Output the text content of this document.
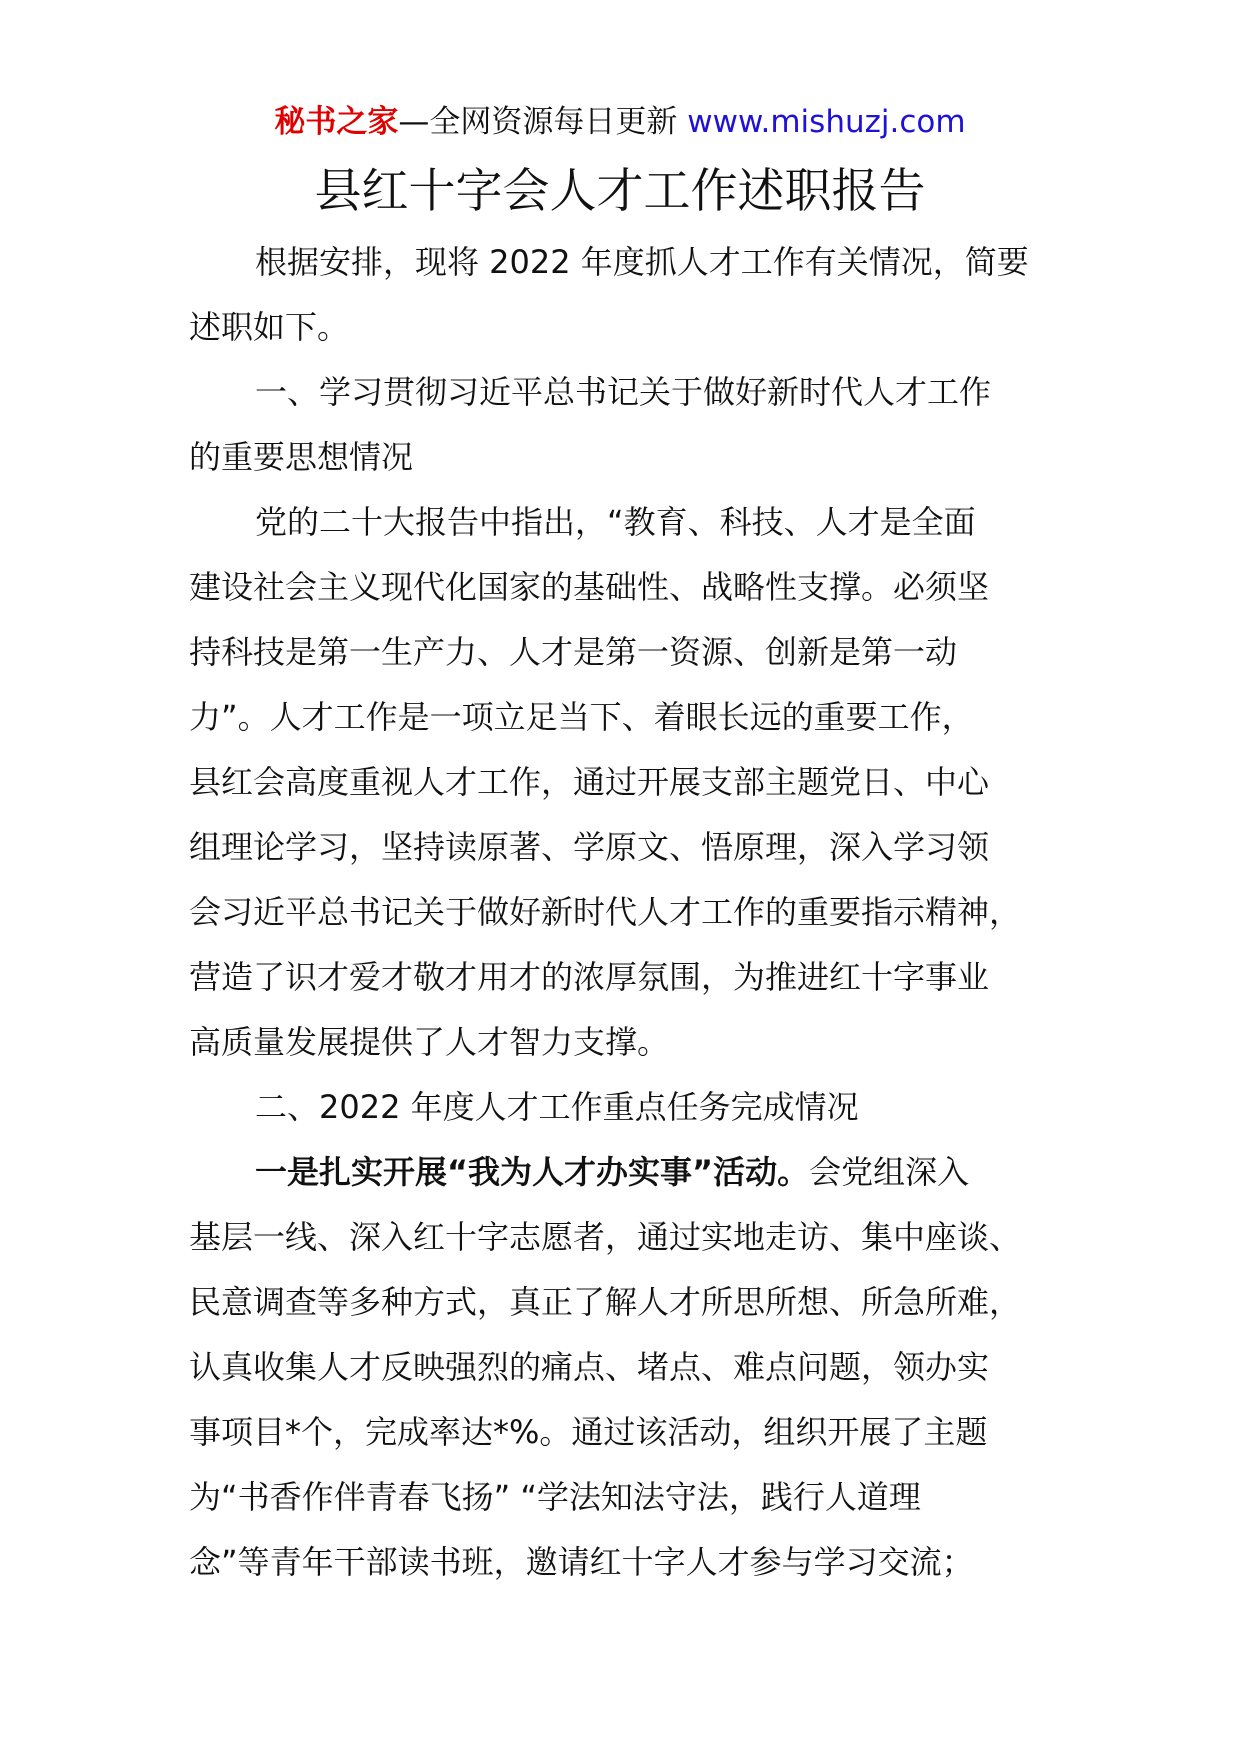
秘书之家—全网资源每日更新 www.mishuzj.com
县红十字会人才工作述职报告
根据安排，现将 2022 年度抓人才工作有关情况，简要
述职如下。
一、学习贯彻习近平总书记关于做好新时代人才工作
的重要思想情况
党的二十大报告中指出，“教育、科技、人才是全面
建设社会主义现代化国家的基础性、战略性支撑。必须坚
持科技是第一生产力、人才是第一资源、创新是第一动
力”。人才工作是一项立足当下、着眼长远的重要工作，
县红会高度重视人才工作，通过开展支部主题党日、中心
组理论学习，坚持读原著、学原文、悟原理，深入学习领
会习近平总书记关于做好新时代人才工作的重要指示精神，
营造了识才爱才敬才用才的浓厚氛围，为推进红十字事业
高质量发展提供了人才智力支撑。
二、2022 年度人才工作重点任务完成情况
一是扎实开展“我为人才办实事”活动。会党组深入
基层一线、深入红十字志愿者，通过实地走访、集中座谈、
民意调查等多种方式，真正了解人才所思所想、所急所难，
认真收集人才反映强烈的痛点、堵点、难点问题，领办实
事项目*个，完成率达*%。通过该活动，组织开展了主题
为“书香作伴青春飞扬” “学法知法守法，践行人道理
念”等青年干部读书班，邀请红十字人才参与学习交流；
